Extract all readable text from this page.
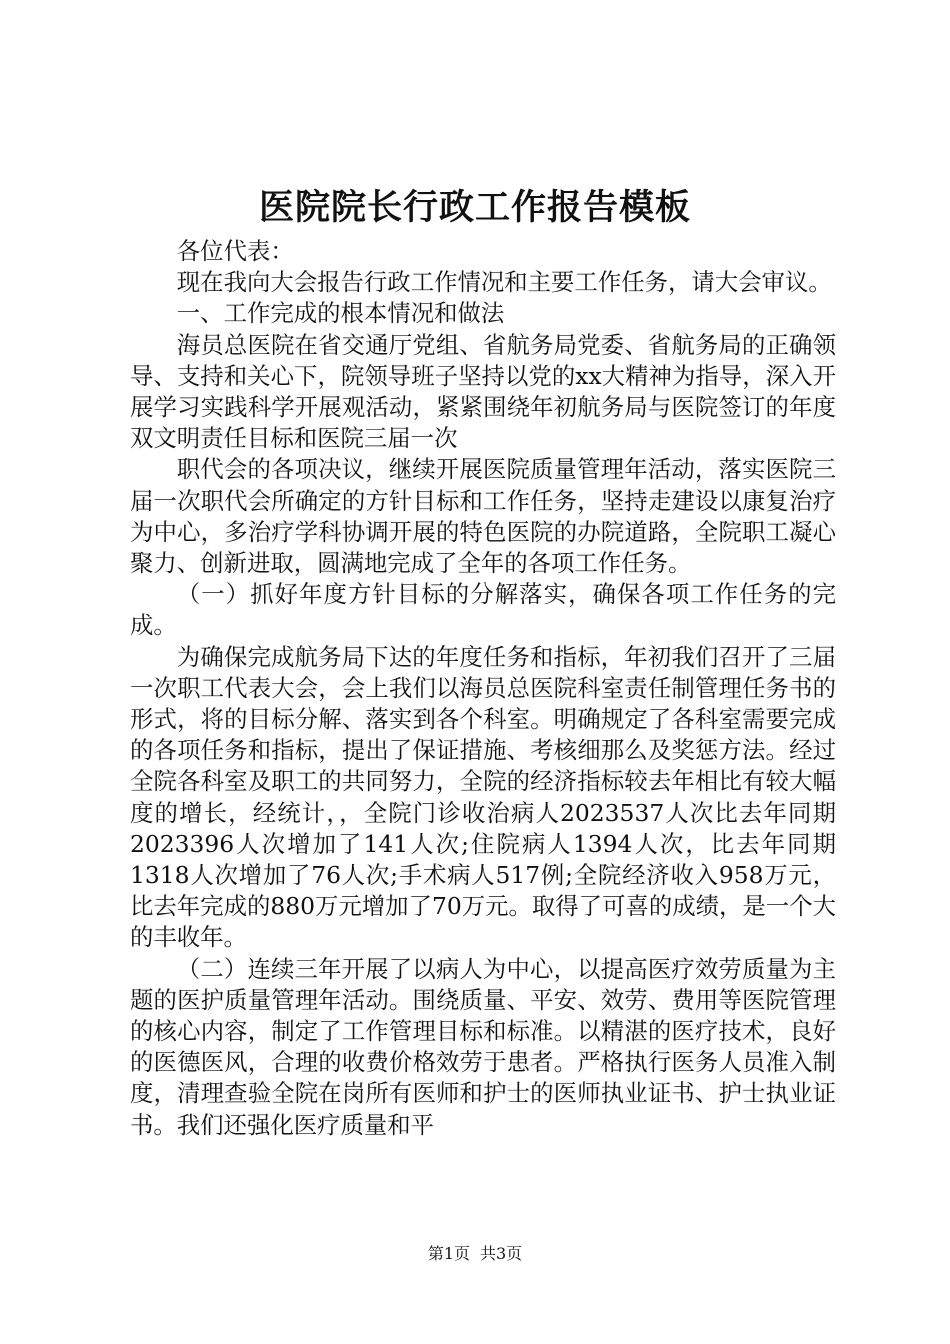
医院院长行政工作报告模板

各位代表：

现在我向大会报告行政工作情况和主要工作任务，请大会审议。

一、工作完成的根本情况和做法

海员总医院在省交通厅党组、省航务局党委、省航务局的正确领导、支持和关心下，院领导班子坚持以党的xx大精神为指导，深入开展学习实践科学开展观活动，紧紧围绕年初航务局与医院签订的年度双文明责任目标和医院三届一次

职代会的各项决议，继续开展医院质量管理年活动，落实医院三届一次职代会所确定的方针目标和工作任务，坚持走建设以康复治疗为中心，多治疗学科协调开展的特色医院的办院道路，全院职工凝心聚力、创新进取，圆满地完成了全年的各项工作任务。

（一）抓好年度方针目标的分解落实，确保各项工作任务的完成。

为确保完成航务局下达的年度任务和指标，年初我们召开了三届一次职工代表大会，会上我们以海员总医院科室责任制管理任务书的形式，将的目标分解、落实到各个科室。明确规定了各科室需要完成的各项任务和指标，提出了保证措施、考核细那么及奖惩方法。经过全院各科室及职工的共同努力，全院的经济指标较去年相比有较大幅度的增长，经统计，，全院门诊收治病人2023537人次比去年同期2023396人次增加了141人次;住院病人1394人次，比去年同期1318人次增加了76人次;手术病人517例;全院经济收入958万元，比去年完成的880万元增加了70万元。取得了可喜的成绩，是一个大的丰收年。

（二）连续三年开展了以病人为中心，以提高医疗效劳质量为主题的医护质量管理年活动。围绕质量、平安、效劳、费用等医院管理的核心内容，制定了工作管理目标和标准。以精湛的医疗技术，良好的医德医风，合理的收费价格效劳于患者。严格执行医务人员准入制度，清理查验全院在岗所有医师和护士的医师执业证书、护士执业证书。我们还强化医疗质量和平

第1页 共3页
